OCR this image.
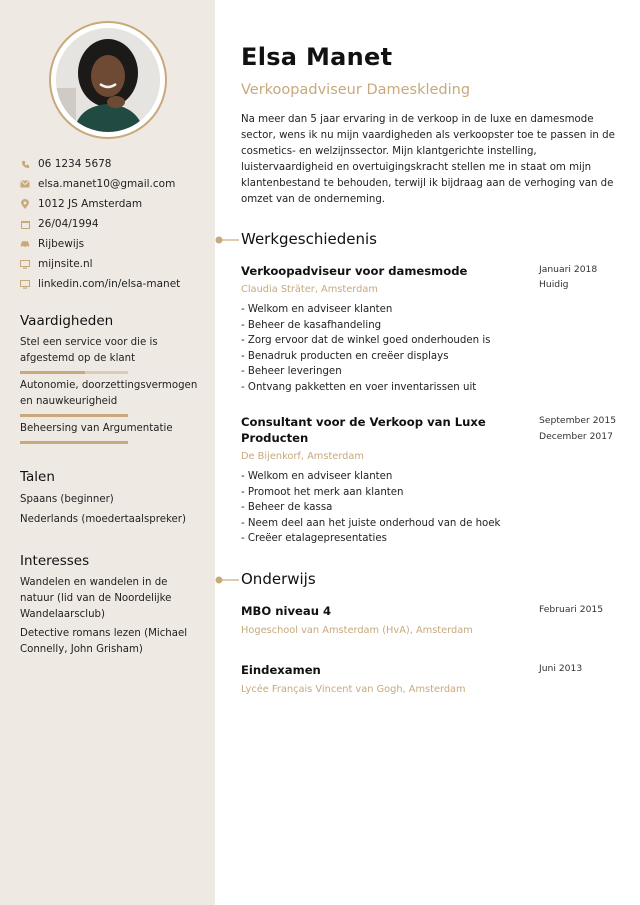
06 1234 5678
elsa.manet10@gmail.com
1012 JS Amsterdam
26/04/1994
Rijbewijs
mijnsite.nl
linkedin.com/in/elsa-manet
Vaardigheden
Stel een service voor die is afgestemd op de klant
Autonomie, doorzettingsvermogen en nauwkeurigheid
Beheersing van Argumentatie
Talen
Spaans (beginner)
Nederlands (moedertaalspreker)
Interesses
Wandelen en wandelen in de natuur (lid van de Noordelijke Wandelaarsclub)
Detective romans lezen (Michael Connelly, John Grisham)
Elsa Manet
Verkoopadviseur Dameskleding
Na meer dan 5 jaar ervaring in de verkoop in de luxe en damesmode sector, wens ik nu mijn vaardigheden als verkoopster toe te passen in de cosmetics- en welzijnssector. Mijn klantgerichte instelling, luistervaardigheid en overtuigingskracht stellen me in staat om mijn klantenbestand te behouden, terwijl ik bijdraag aan de verhoging van de omzet van de onderneming.
Werkgeschiedenis
Verkoopadviseur voor damesmode
Claudia Sträter, Amsterdam
Januari 2018
Huidig
- Welkom en adviseer klanten
- Beheer de kasafhandeling
- Zorg ervoor dat de winkel goed onderhouden is
- Benadruk producten en creëer displays
- Beheer leveringen
- Ontvang pakketten en voer inventarissen uit
Consultant voor de Verkoop van Luxe Producten
De Bijenkorf, Amsterdam
September 2015
December 2017
- Welkom en adviseer klanten
- Promoot het merk aan klanten
- Beheer de kassa
- Neem deel aan het juiste onderhoud van de hoek
- Creëer etalagepresentaties
Onderwijs
MBO niveau 4
Hogeschool van Amsterdam (HvA), Amsterdam
Februari 2015
Eindexamen
Lycée Français Vincent van Gogh, Amsterdam
Juni 2013
